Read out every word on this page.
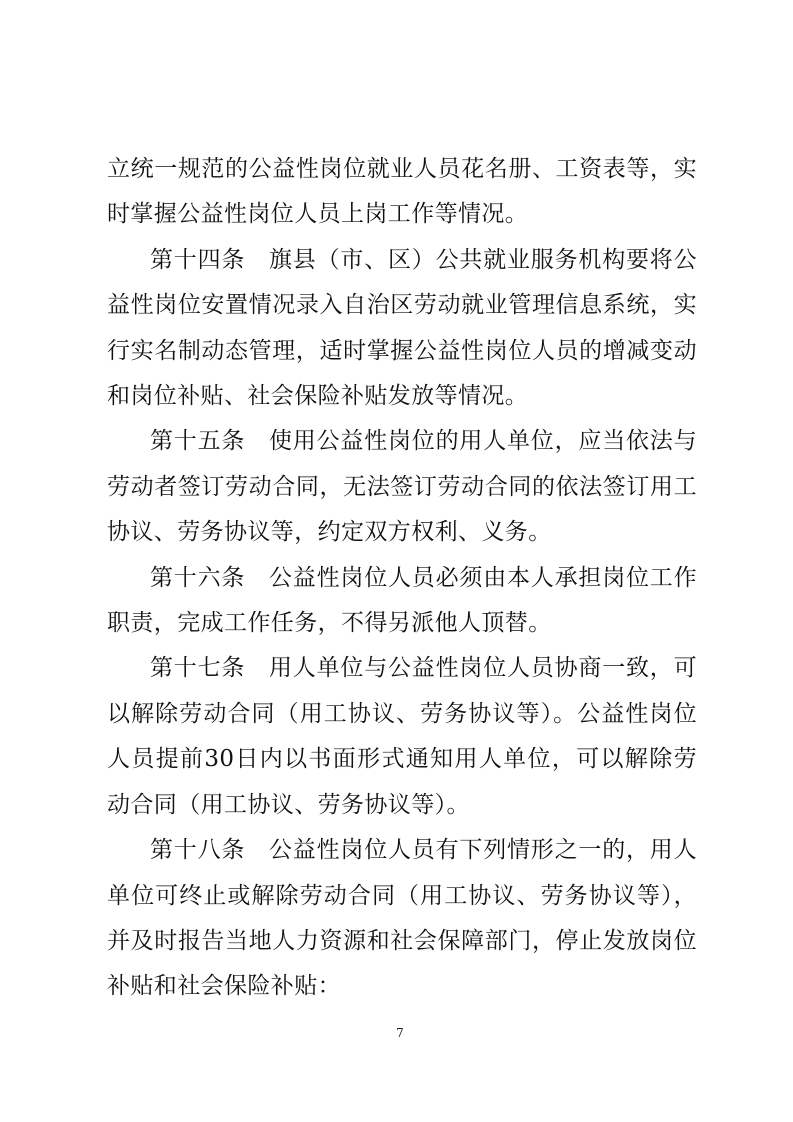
立统一规范的公益性岗位就业人员花名册、工资表等，实时掌握公益性岗位人员上岗工作等情况。

第十四条　旗县（市、区）公共就业服务机构要将公益性岗位安置情况录入自治区劳动就业管理信息系统，实行实名制动态管理，适时掌握公益性岗位人员的增减变动和岗位补贴、社会保险补贴发放等情况。

第十五条　使用公益性岗位的用人单位，应当依法与劳动者签订劳动合同，无法签订劳动合同的依法签订用工协议、劳务协议等，约定双方权利、义务。

第十六条　公益性岗位人员必须由本人承担岗位工作职责，完成工作任务，不得另派他人顶替。

第十七条　用人单位与公益性岗位人员协商一致，可以解除劳动合同（用工协议、劳务协议等）。公益性岗位人员提前30日内以书面形式通知用人单位，可以解除劳动合同（用工协议、劳务协议等）。

第十八条　公益性岗位人员有下列情形之一的，用人单位可终止或解除劳动合同（用工协议、劳务协议等），并及时报告当地人力资源和社会保障部门，停止发放岗位补贴和社会保险补贴：

7
